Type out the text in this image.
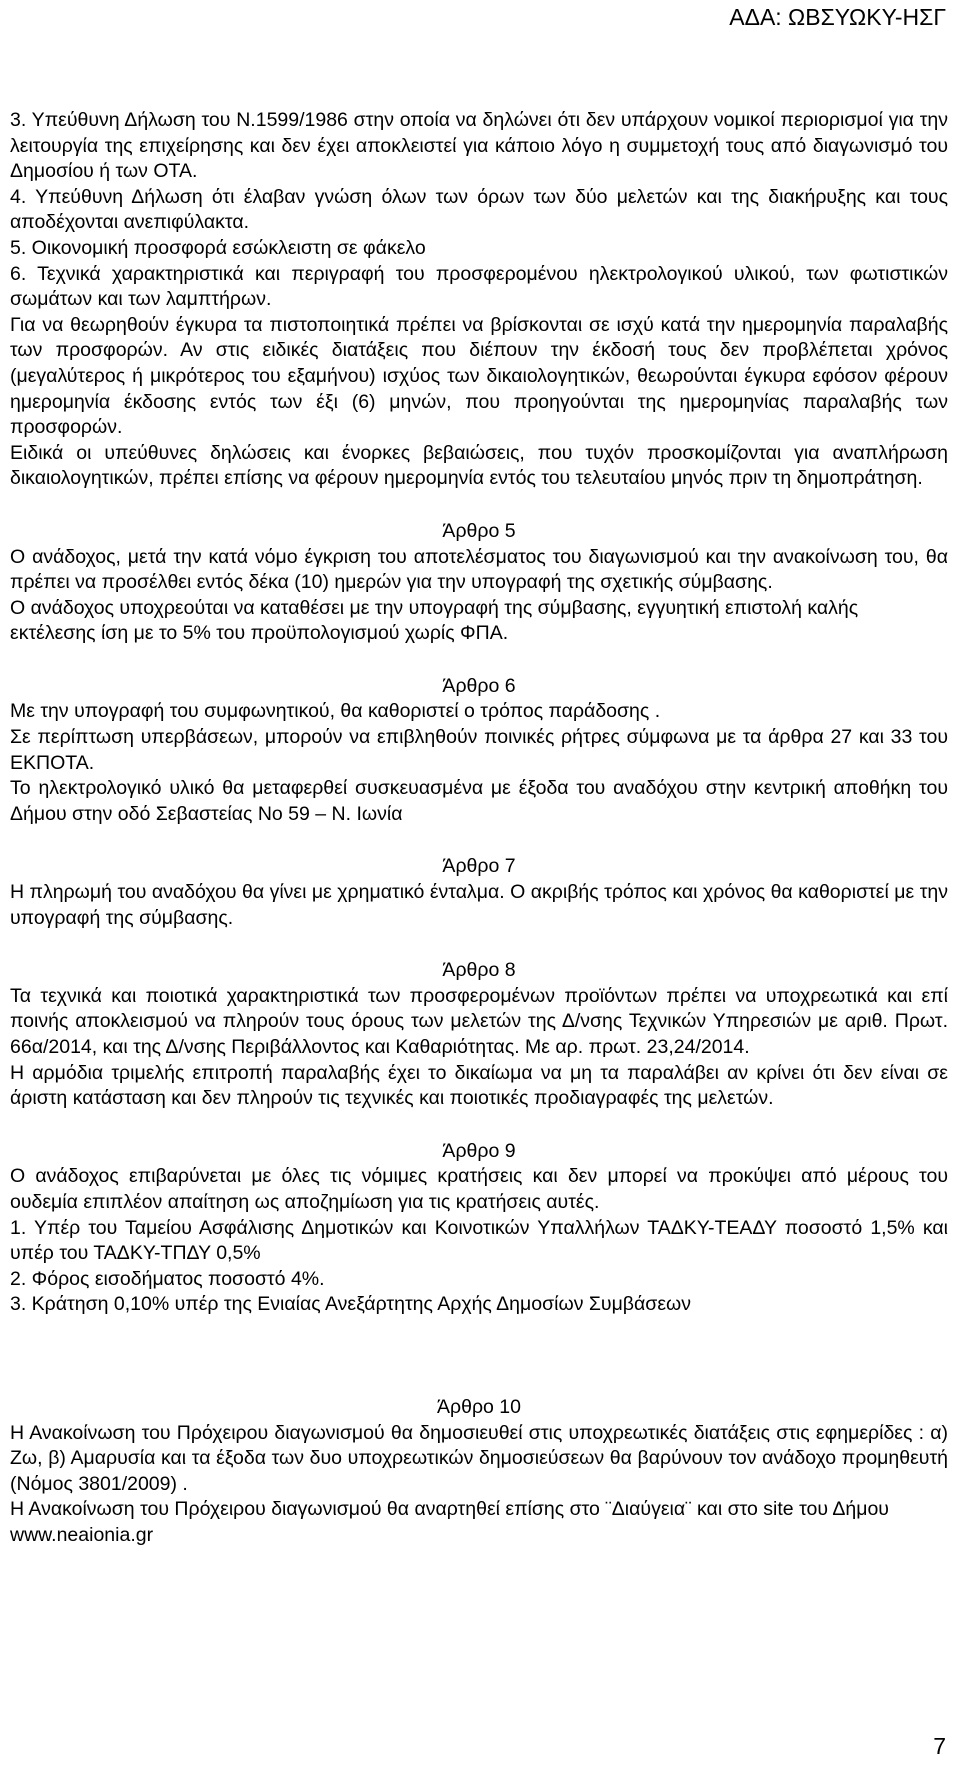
ΑΔΑ: ΩΒΣΥΩΚΥ-ΗΣΓ

3. Υπεύθυνη Δήλωση του Ν.1599/1986 στην οποία να δηλώνει ότι δεν υπάρχουν νομικοί περιορισμοί για την λειτουργία της επιχείρησης και δεν έχει αποκλειστεί για κάποιο λόγο η συμμετοχή τους από διαγωνισμό του Δημοσίου ή των ΟΤΑ.

4. Υπεύθυνη Δήλωση ότι έλαβαν γνώση όλων των όρων των δύο μελετών και της διακήρυξης και τους αποδέχονται ανεπιφύλακτα.

5. Οικονομική προσφορά εσώκλειστη σε φάκελο

6. Τεχνικά χαρακτηριστικά και περιγραφή του προσφερομένου ηλεκτρολογικού υλικού, των φωτιστικών σωμάτων και των λαμπτήρων.

Για να θεωρηθούν έγκυρα τα πιστοποιητικά πρέπει να βρίσκονται σε ισχύ κατά την ημερομηνία παραλαβής των προσφορών. Αν στις ειδικές διατάξεις που διέπουν την έκδοσή τους δεν προβλέπεται χρόνος (μεγαλύτερος ή μικρότερος του εξαμήνου) ισχύος των δικαιολογητικών, θεωρούνται έγκυρα εφόσον φέρουν ημερομηνία έκδοσης εντός των έξι (6) μηνών, που προηγούνται της ημερομηνίας παραλαβής των προσφορών.

Ειδικά οι υπεύθυνες δηλώσεις και ένορκες βεβαιώσεις, που τυχόν προσκομίζονται για αναπλήρωση δικαιολογητικών, πρέπει επίσης να φέρουν ημερομηνία εντός του τελευταίου μηνός πριν τη δημοπράτηση.

Άρθρο 5

Ο ανάδοχος, μετά την κατά νόμο έγκριση του αποτελέσματος του διαγωνισμού και την ανακοίνωση του, θα πρέπει να προσέλθει εντός δέκα (10) ημερών για την υπογραφή της σχετικής σύμβασης.

Ο ανάδοχος υποχρεούται να καταθέσει με την υπογραφή της σύμβασης, εγγυητική επιστολή καλής

εκτέλεσης ίση με το 5% του προϋπολογισμού χωρίς ΦΠΑ.

Άρθρο 6

Με την υπογραφή του συμφωνητικού, θα καθοριστεί ο τρόπος παράδοσης .

Σε περίπτωση υπερβάσεων, μπορούν να επιβληθούν ποινικές ρήτρες σύμφωνα με τα άρθρα 27 και 33 του ΕΚΠΟΤΑ.

Το ηλεκτρολογικό υλικό θα μεταφερθεί συσκευασμένα με έξοδα του αναδόχου στην κεντρική αποθήκη του Δήμου στην οδό Σεβαστείας Νο 59 – Ν. Ιωνία

Άρθρο 7

Η πληρωμή του αναδόχου θα γίνει με χρηματικό ένταλμα. Ο ακριβής τρόπος και χρόνος θα καθοριστεί με την υπογραφή της σύμβασης.

Άρθρο 8

Τα τεχνικά και ποιοτικά χαρακτηριστικά των προσφερομένων προϊόντων πρέπει να υποχρεωτικά και επί ποινής αποκλεισμού να πληρούν τους όρους των μελετών της Δ/νσης Τεχνικών Υπηρεσιών με αριθ. Πρωτ. 66α/2014, και της Δ/νσης Περιβάλλοντος και Καθαριότητας. Με αρ. πρωτ. 23,24/2014.

Η αρμόδια τριμελής επιτροπή παραλαβής έχει το δικαίωμα να μη τα παραλάβει αν κρίνει ότι δεν είναι σε άριστη κατάσταση και δεν πληρούν τις τεχνικές και ποιοτικές προδιαγραφές της μελετών.

Άρθρο 9

Ο ανάδοχος επιβαρύνεται με όλες τις νόμιμες κρατήσεις και δεν μπορεί να προκύψει από μέρους του ουδεμία επιπλέον απαίτηση ως αποζημίωση για τις κρατήσεις αυτές.

1. Υπέρ του Ταμείου Ασφάλισης Δημοτικών και Κοινοτικών Υπαλλήλων ΤΑΔΚΥ-ΤΕΑΔΥ ποσοστό 1,5% και υπέρ του ΤΑΔΚΥ-ΤΠΔΥ 0,5%

2. Φόρος εισοδήματος ποσοστό 4%.

3. Κράτηση 0,10% υπέρ της Ενιαίας Ανεξάρτητης Αρχής Δημοσίων Συμβάσεων

Άρθρο 10

Η Ανακοίνωση του Πρόχειρου διαγωνισμού θα δημοσιευθεί στις υποχρεωτικές διατάξεις στις εφημερίδες : α) Ζω, β) Αμαρυσία και τα έξοδα των δυο υποχρεωτικών δημοσιεύσεων θα βαρύνουν τον ανάδοχο προμηθευτή (Νόμος 3801/2009) .

Η Ανακοίνωση του Πρόχειρου διαγωνισμού θα αναρτηθεί επίσης στο ¨Διαύγεια¨ και στο site του Δήμου www.neaionia.gr

7
